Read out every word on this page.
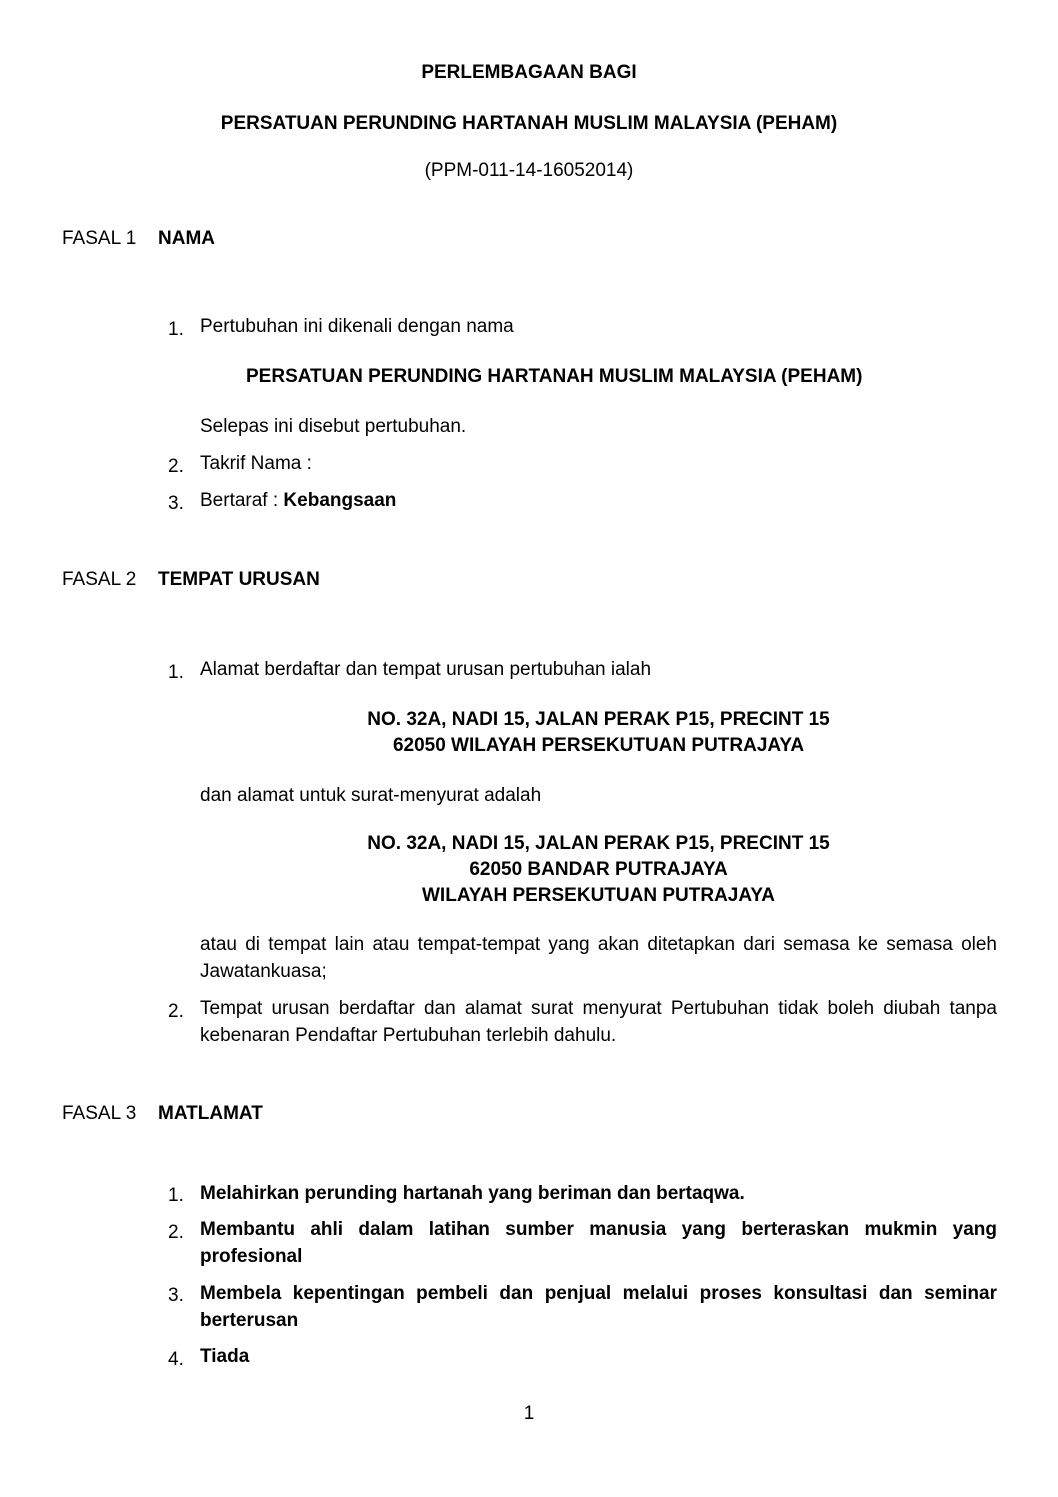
PERLEMBAGAAN BAGI
PERSATUAN PERUNDING HARTANAH MUSLIM MALAYSIA (PEHAM)
(PPM-011-14-16052014)
FASAL 1 NAMA
1. Pertubuhan ini dikenali dengan nama
PERSATUAN PERUNDING HARTANAH MUSLIM MALAYSIA (PEHAM)
Selepas ini disebut pertubuhan.
2. Takrif Nama :
3. Bertaraf : Kebangsaan
FASAL 2 TEMPAT URUSAN
1. Alamat berdaftar dan tempat urusan pertubuhan ialah
NO. 32A, NADI 15, JALAN PERAK P15, PRECINT 15
62050 WILAYAH PERSEKUTUAN PUTRAJAYA
dan alamat untuk surat-menyurat adalah
NO. 32A, NADI 15, JALAN PERAK P15, PRECINT 15
62050 BANDAR PUTRAJAYA
WILAYAH PERSEKUTUAN PUTRAJAYA
atau di tempat lain atau tempat-tempat yang akan ditetapkan dari semasa ke semasa oleh Jawatankuasa;
2. Tempat urusan berdaftar dan alamat surat menyurat Pertubuhan tidak boleh diubah tanpa kebenaran Pendaftar Pertubuhan terlebih dahulu.
FASAL 3 MATLAMAT
1. Melahirkan perunding hartanah yang beriman dan bertaqwa.
2. Membantu ahli dalam latihan sumber manusia yang berteraskan mukmin yang profesional
3. Membela kepentingan pembeli dan penjual melalui proses konsultasi dan seminar berterusan
4. Tiada
1
